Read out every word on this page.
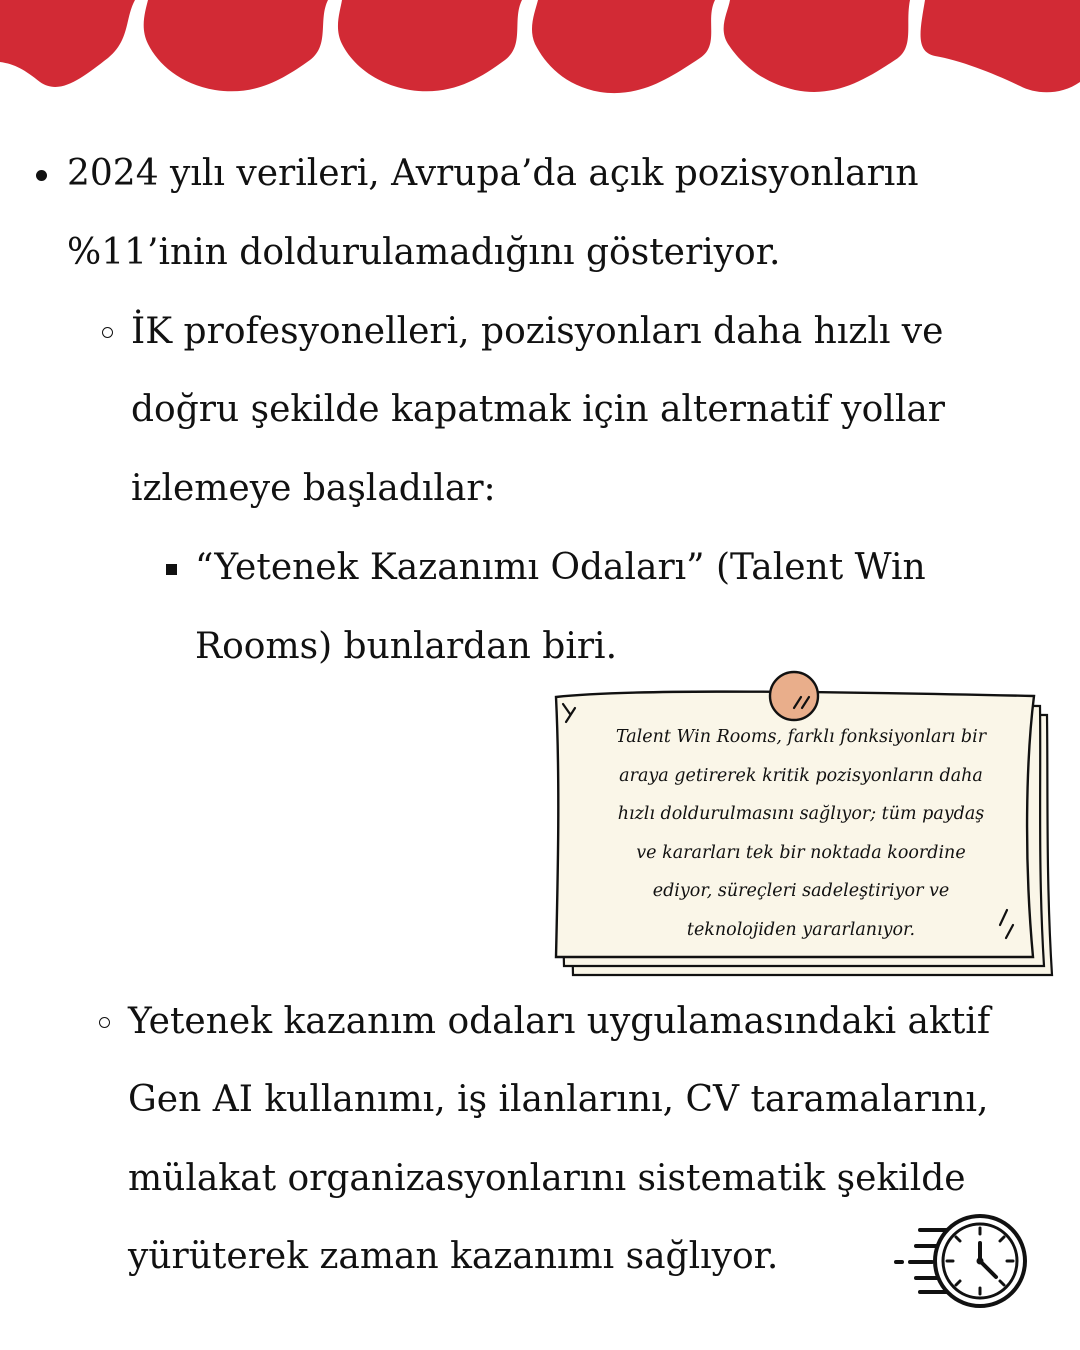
2024 yılı verileri, Avrupa’da açık pozisyonların

%11’inin doldurulamadığını gösteriyor.

İK profesyonelleri, pozisyonları daha hızlı ve

doğru şekilde kapatmak için alternatif yollar

izlemeye başladılar:

“Yetenek Kazanımı Odaları” (Talent Win

Rooms) bunlardan biri.

Talent Win Rooms, farklı fonksiyonları bir
araya getirerek kritik pozisyonların daha
hızlı doldurulmasını sağlıyor; tüm paydaş
ve kararları tek bir noktada koordine
ediyor, süreçleri sadeleştiriyor ve
teknolojiden yararlanıyor.

Yetenek kazanım odaları uygulamasındaki aktif

Gen AI kullanımı, iş ilanlarını, CV taramalarını,

mülakat organizasyonlarını sistematik şekilde

yürüterek zaman kazanımı sağlıyor.
